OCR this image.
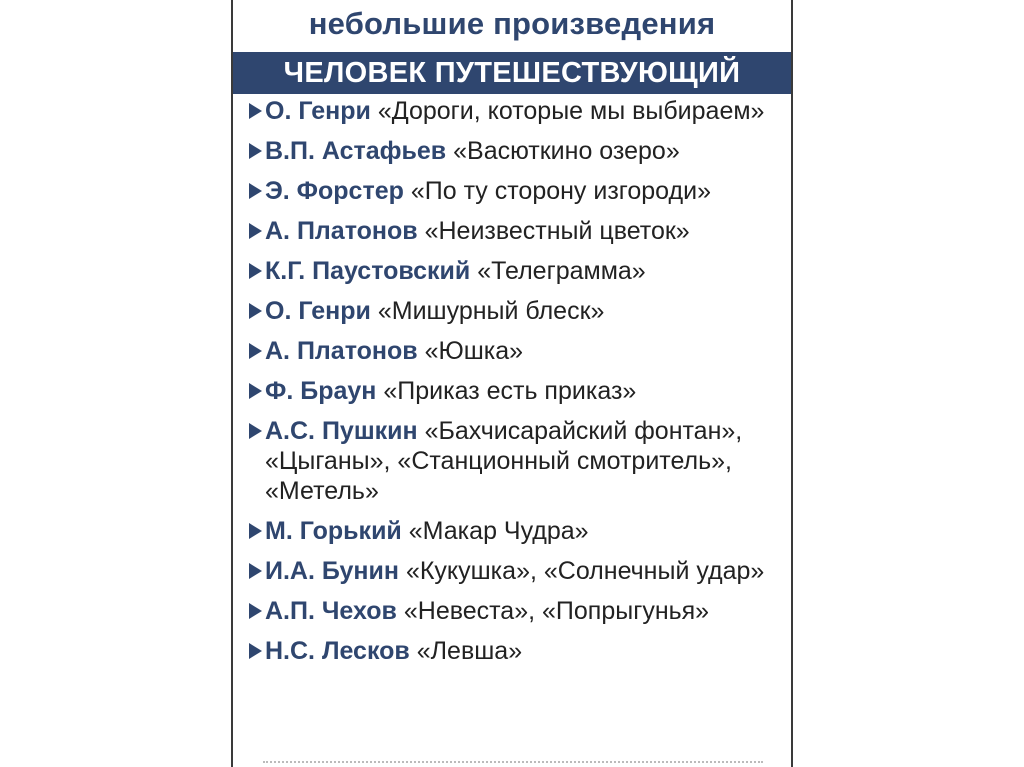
небольшие произведения
ЧЕЛОВЕК ПУТЕШЕСТВУЮЩИЙ
О. Генри «Дороги, которые мы выбираем»
В.П. Астафьев «Васюткино озеро»
Э. Форстер «По ту сторону изгороди»
А. Платонов «Неизвестный цветок»
К.Г. Паустовский «Телеграмма»
О. Генри «Мишурный блеск»
А. Платонов «Юшка»
Ф. Браун «Приказ есть приказ»
А.С. Пушкин «Бахчисарайский фонтан», «Цыганы», «Станционный смотритель», «Метель»
М. Горький «Макар Чудра»
И.А. Бунин «Кукушка», «Солнечный удар»
А.П. Чехов «Невеста», «Попрыгунья»
Н.С. Лесков «Левша»
